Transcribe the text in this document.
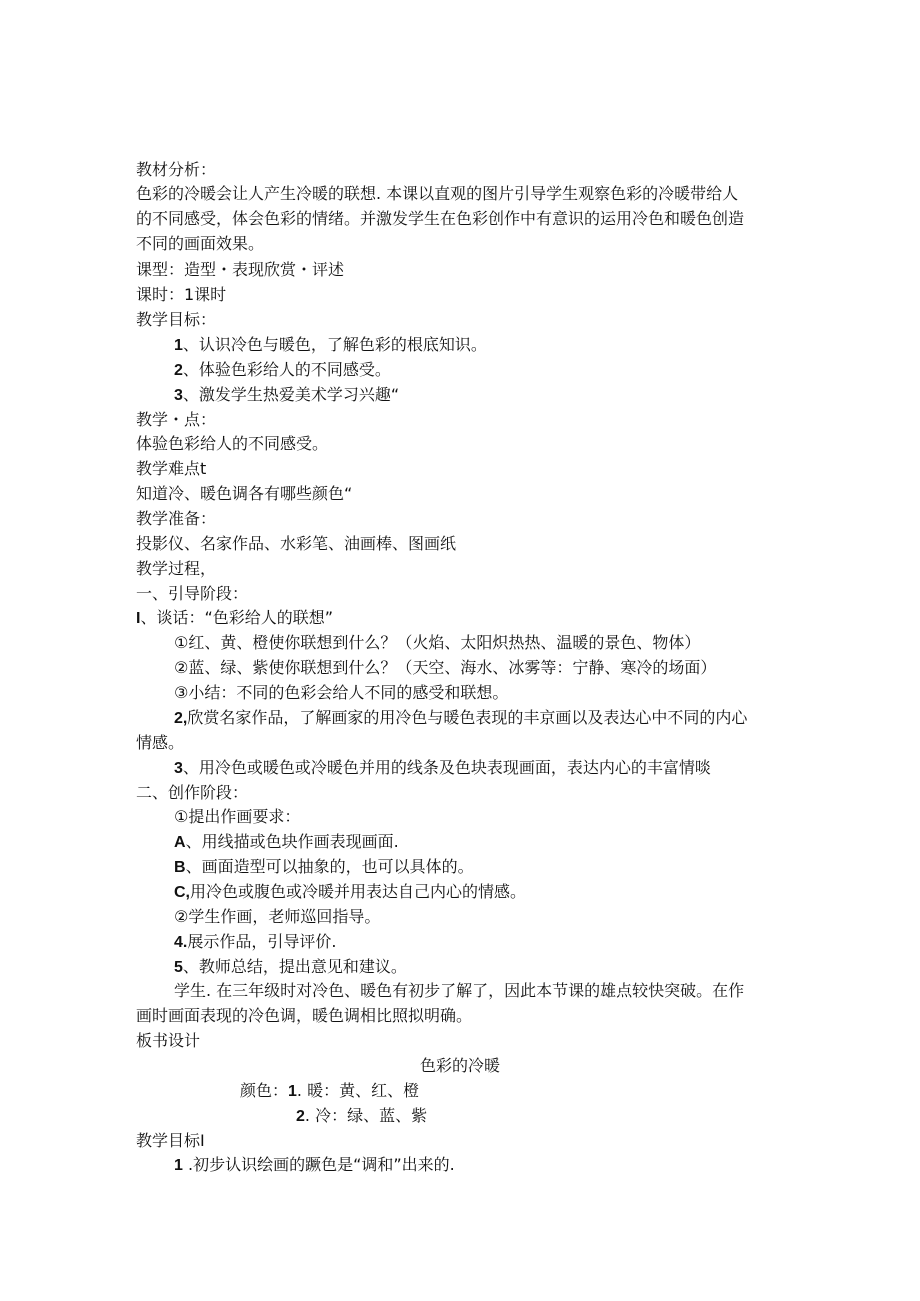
教材分析：
色彩的冷暖会让人产生冷暖的联想. 本课以直观的图片引导学生观察色彩的冷暖带给人
的不同感受，体会色彩的情绪。并激发学生在色彩创作中有意识的运用冷色和暖色创造
不同的画面效果。
课型：造型・表现欣赏・评述
课时：1课时
教学目标：
1、认识冷色与暖色，了解色彩的根底知识。
2、体验色彩给人的不同感受。
3、激发学生热爱美术学习兴趣“
教学・点：
体验色彩给人的不同感受。
教学难点t
知道冷、暖色调各有哪些颜色“
教学准备：
投影仪、名家作品、水彩笔、油画棒、图画纸
教学过程，
一、引导阶段：
I、谈话：“色彩给人的联想”
①红、黄、橙使你联想到什么？（火焰、太阳炽热热、温暖的景色、物体）
②蓝、绿、紫使你联想到什么？（天空、海水、冰雾等：宁静、寒冷的场面）
③小结：不同的色彩会给人不同的感受和联想。
2,欣赏名家作品，了解画家的用冷色与暖色表现的丰京画以及表达心中不同的内心
情感。
3、用冷色或暖色或冷暖色并用的线条及色块表现画面，表达内心的丰富情啖
二、创作阶段：
①提出作画要求：
A、用线描或色块作画表现画面.
B、画面造型可以抽象的，也可以具体的。
C,用冷色或腹色或冷暖并用表达自己内心的情感。
②学生作画，老师巡回指导。
4.展示作品，引导评价.
5、教师总结，提出意见和建议。
学生. 在三年级时对冷色、暖色有初步了解了，因此本节课的雄点较快突破。在作
画时画面表现的冷色调，暖色调相比照拟明确。
板书设计
色彩的冷暖
颜色：1. 暖：黄、红、橙
2. 冷：绿、蓝、紫
教学目标I
1 .初步认识绘画的蹶色是“调和”出来的.
